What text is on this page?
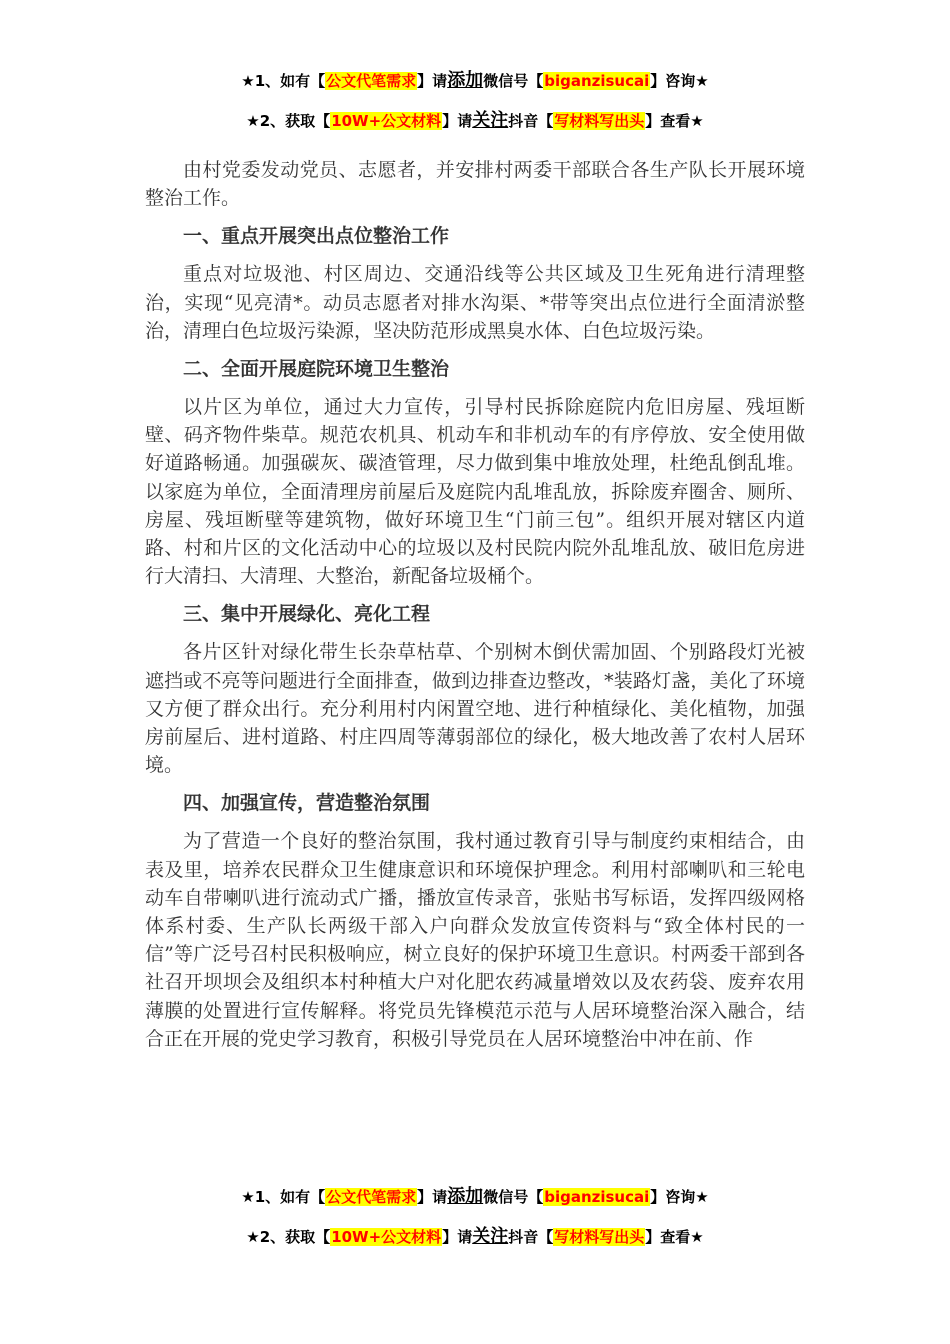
★1、如有【公文代笔需求】请添加微信号【biganzisucai】咨询★
★2、获取【10W+公文材料】请关注抖音【写材料写出头】查看★

由村党委发动党员、志愿者，并安排村两委干部联合各生产队长开展环境整治工作。

一、重点开展突出点位整治工作

重点对垃圾池、村区周边、交通沿线等公共区域及卫生死角进行清理整治，实现“见亮清*。动员志愿者对排水沟渠、*带等突出点位进行全面清淤整治，清理白色垃圾污染源，坚决防范形成黑臭水体、白色垃圾污染。

二、全面开展庭院环境卫生整治

以片区为单位，通过大力宣传，引导村民拆除庭院内危旧房屋、残垣断壁、码齐物件柴草。规范农机具、机动车和非机动车的有序停放、安全使用做好道路畅通。加强碳灰、碳渣管理，尽力做到集中堆放处理，杜绝乱倒乱堆。以家庭为单位，全面清理房前屋后及庭院内乱堆乱放，拆除废弃圈舍、厕所、房屋、残垣断壁等建筑物，做好环境卫生“门前三包”。组织开展对辖区内道路、村和片区的文化活动中心的垃圾以及村民院内院外乱堆乱放、破旧危房进行大清扫、大清理、大整治，新配备垃圾桶个。

三、集中开展绿化、亮化工程

各片区针对绿化带生长杂草枯草、个别树木倒伏需加固、个别路段灯光被遮挡或不亮等问题进行全面排查，做到边排查边整改，*装路灯盏，美化了环境又方便了群众出行。充分利用村内闲置空地、进行种植绿化、美化植物，加强房前屋后、进村道路、村庄四周等薄弱部位的绿化，极大地改善了农村人居环境。

四、加强宣传，营造整治氛围

为了营造一个良好的整治氛围，我村通过教育引导与制度约束相结合，由表及里，培养农民群众卫生健康意识和环境保护理念。利用村部喇叭和三轮电动车自带喇叭进行流动式广播，播放宣传录音，张贴书写标语，发挥四级网格体系村委、生产队长两级干部入户向群众发放宣传资料与“致全体村民的一信”等广泛号召村民积极响应，树立良好的保护环境卫生意识。村两委干部到各社召开坝坝会及组织本村种植大户对化肥农药减量增效以及农药袋、废弃农用薄膜的处置进行宣传解释。将党员先锋模范示范与人居环境整治深入融合，结合正在开展的党史学习教育，积极引导党员在人居环境整治中冲在前、作

★1、如有【公文代笔需求】请添加微信号【biganzisucai】咨询★
★2、获取【10W+公文材料】请关注抖音【写材料写出头】查看★
